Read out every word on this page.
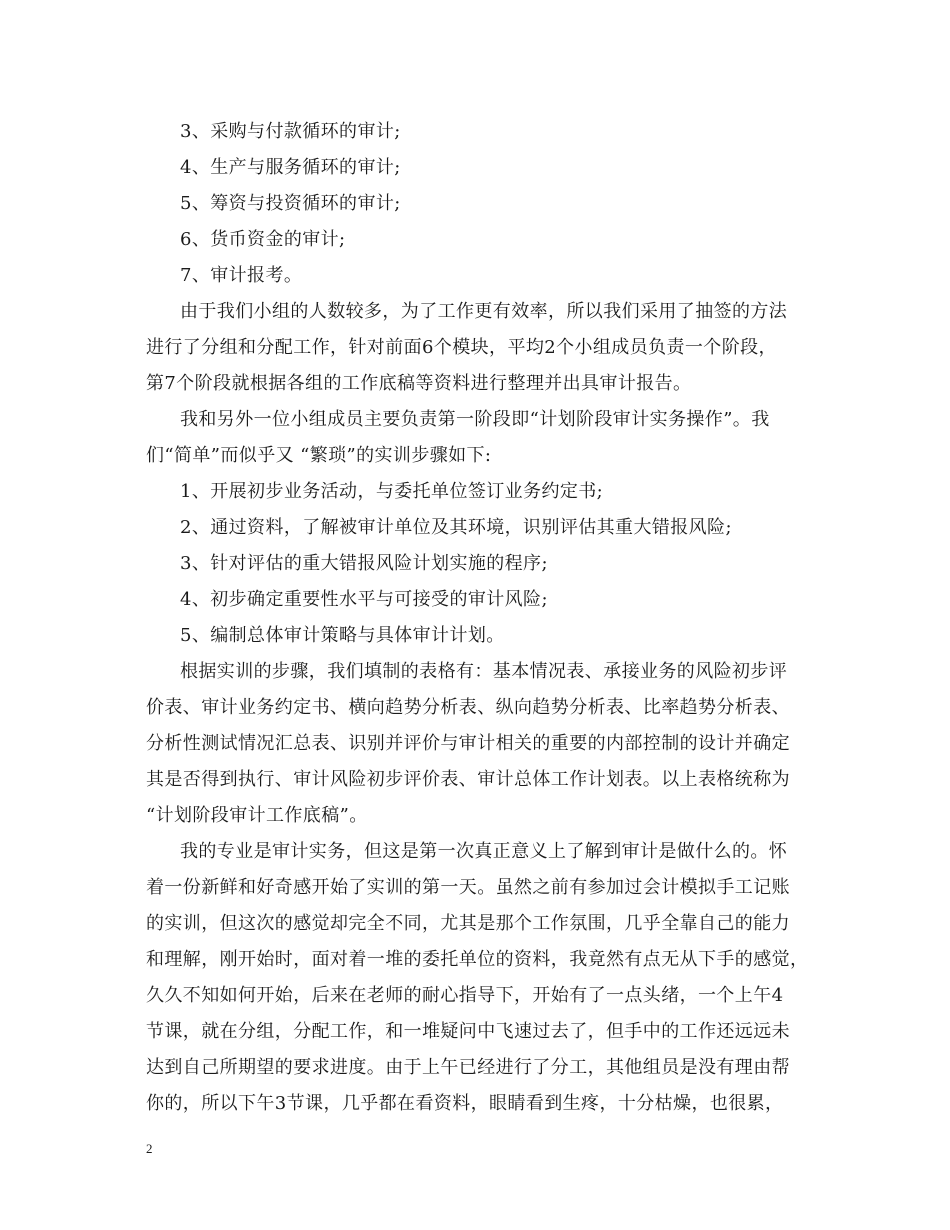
3、采购与付款循环的审计;
4、生产与服务循环的审计;
5、筹资与投资循环的审计;
6、货币资金的审计;
7、审计报考。
由于我们小组的人数较多，为了工作更有效率，所以我们采用了抽签的方法
进行了分组和分配工作，针对前面6个模块，平均2个小组成员负责一个阶段，
第7个阶段就根据各组的工作底稿等资料进行整理并出具审计报告。
我和另外一位小组成员主要负责第一阶段即“计划阶段审计实务操作”。我
们“简单”而似乎又 “繁琐”的实训步骤如下:
1、开展初步业务活动，与委托单位签订业务约定书;
2、通过资料，了解被审计单位及其环境，识别评估其重大错报风险;
3、针对评估的重大错报风险计划实施的程序;
4、初步确定重要性水平与可接受的审计风险;
5、编制总体审计策略与具体审计计划。
根据实训的步骤，我们填制的表格有：基本情况表、承接业务的风险初步评
价表、审计业务约定书、横向趋势分析表、纵向趋势分析表、比率趋势分析表、
分析性测试情况汇总表、识别并评价与审计相关的重要的内部控制的设计并确定
其是否得到执行、审计风险初步评价表、审计总体工作计划表。以上表格统称为
“计划阶段审计工作底稿”。
我的专业是审计实务，但这是第一次真正意义上了解到审计是做什么的。怀
着一份新鲜和好奇感开始了实训的第一天。虽然之前有参加过会计模拟手工记账
的实训，但这次的感觉却完全不同，尤其是那个工作氛围，几乎全靠自己的能力
和理解，刚开始时，面对着一堆的委托单位的资料，我竟然有点无从下手的感觉，
久久不知如何开始，后来在老师的耐心指导下，开始有了一点头绪，一个上午4
节课，就在分组，分配工作，和一堆疑问中飞速过去了，但手中的工作还远远未
达到自己所期望的要求进度。由于上午已经进行了分工，其他组员是没有理由帮
你的，所以下午3节课，几乎都在看资料，眼睛看到生疼，十分枯燥，也很累，
2
